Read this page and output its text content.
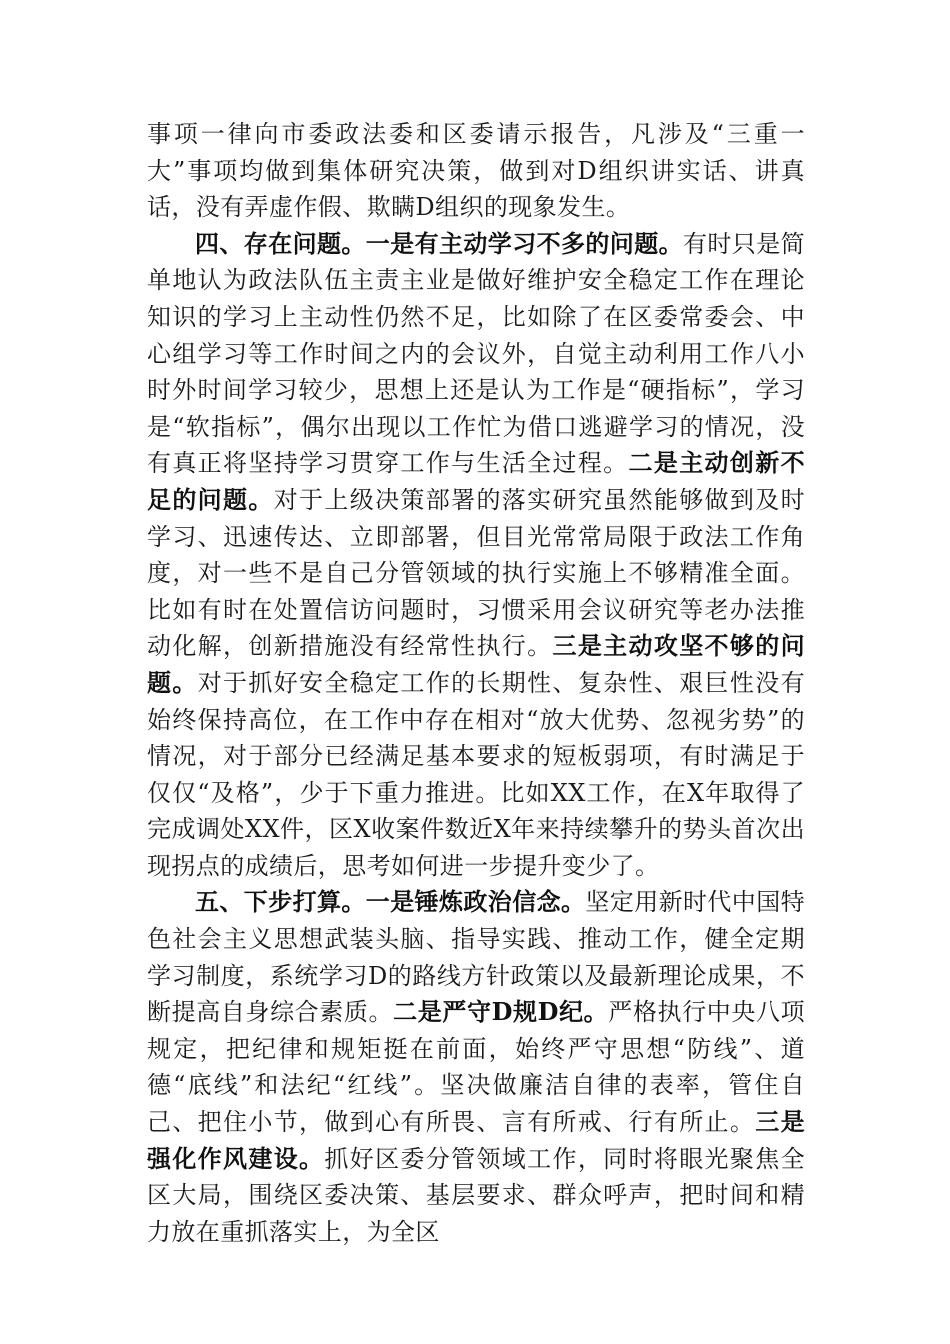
事项一律向市委政法委和区委请示报告，凡涉及“三重一大”事项均做到集体研究决策，做到对D组织讲实话、讲真话，没有弄虚作假、欺瞒D组织的现象发生。

四、存在问题。一是有主动学习不多的问题。有时只是简单地认为政法队伍主责主业是做好维护安全稳定工作在理论知识的学习上主动性仍然不足，比如除了在区委常委会、中心组学习等工作时间之内的会议外，自觉主动利用工作八小时外时间学习较少，思想上还是认为工作是“硬指标”，学习是“软指标”，偶尔出现以工作忙为借口逃避学习的情况，没有真正将坚持学习贯穿工作与生活全过程。二是主动创新不足的问题。对于上级决策部署的落实研究虽然能够做到及时学习、迅速传达、立即部署，但目光常常局限于政法工作角度，对一些不是自己分管领域的执行实施上不够精准全面。比如有时在处置信访问题时，习惯采用会议研究等老办法推动化解，创新措施没有经常性执行。三是主动攻坚不够的问题。对于抓好安全稳定工作的长期性、复杂性、艰巨性没有始终保持高位，在工作中存在相对“放大优势、忽视劣势”的情况，对于部分已经满足基本要求的短板弱项，有时满足于仅仅“及格”，少于下重力推进。比如XX工作，在X年取得了完成调处XX件，区X收案件数近X年来持续攀升的势头首次出现拐点的成绩后，思考如何进一步提升变少了。

五、下步打算。一是锤炼政治信念。坚定用新时代中国特色社会主义思想武装头脑、指导实践、推动工作，健全定期学习制度，系统学习D的路线方针政策以及最新理论成果，不断提高自身综合素质。二是严守D规D纪。严格执行中央八项规定，把纪律和规矩挺在前面，始终严守思想“防线”、道德“底线”和法纪“红线”。坚决做廉洁自律的表率，管住自己、把住小节，做到心有所畏、言有所戒、行有所止。三是强化作风建设。抓好区委分管领域工作，同时将眼光聚焦全区大局，围绕区委决策、基层要求、群众呼声，把时间和精力放在重抓落实上，为全区
